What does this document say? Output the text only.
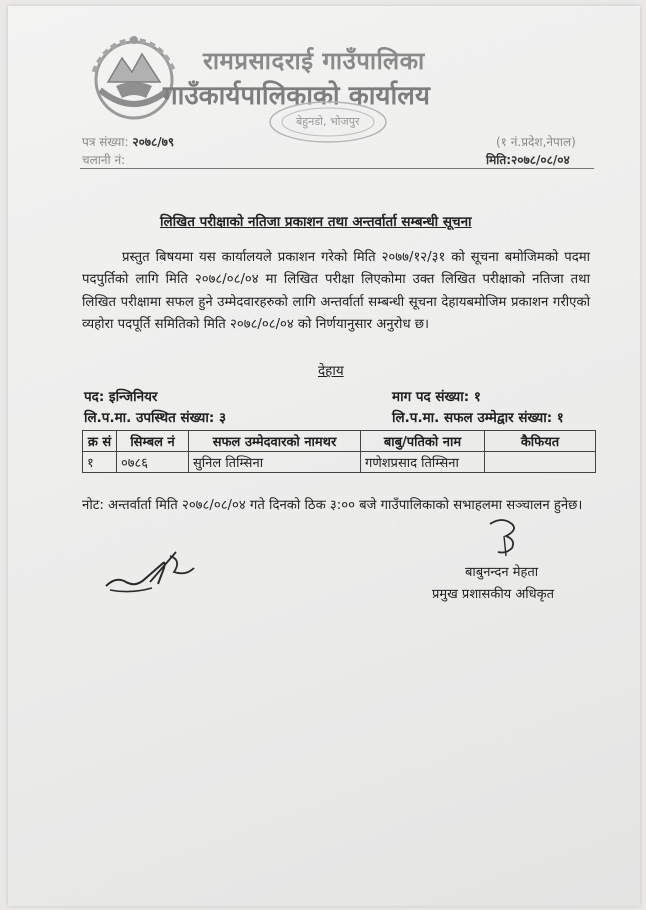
रामप्रसादराई गाउँपालिका
गाउँकार्यपालिकाको कार्यालय
बेहुनडो, भोजपुर
पत्र संख्या: २०७८/७९
चलानी नं:
(१ नं.प्रदेश,नेपाल)
मिति:२०७८/०८/०४
लिखित परीक्षाको नतिजा प्रकाशन तथा अन्तर्वार्ता सम्बन्धी सूचना
प्रस्तुत बिषयमा यस कार्यालयले प्रकाशन गरेको मिति २०७७/१२/३१ को सूचना बमोजिमको पदमा पदपुर्तिको लागि मिति २०७८/०८/०४ मा लिखित परीक्षा लिएकोमा उक्त लिखित परीक्षाको नतिजा तथा लिखित परीक्षामा सफल हुने उम्मेदवारहरुको लागि अन्तर्वार्ता सम्बन्धी सूचना देहायबमोजिम प्रकाशन गरीएको व्यहोरा पदपूर्ति समितिको मिति २०७८/०८/०४ को निर्णयानुसार अनुरोध छ।
देहाय
पद: इन्जिनियर	माग पद संख्या: १
लि.प.मा. उपस्थित संख्या: ३	लि.प.मा. सफल उम्मेद्वार संख्या: १
क्र सं	सिम्बल नं	सफल उम्मेदवारको नामथर	बाबु/पतिको नाम	कैफियत
१	०७८६	सुनिल तिम्सिना	गणेशप्रसाद तिम्सिना	
नोट: अन्तर्वार्ता मिति २०७८/०८/०४ गते दिनको ठिक ३:०० बजे गाउँपालिकाको सभाहलमा सञ्चालन हुनेछ।
बाबुनन्दन मेहता
प्रमुख प्रशासकीय अधिकृत
